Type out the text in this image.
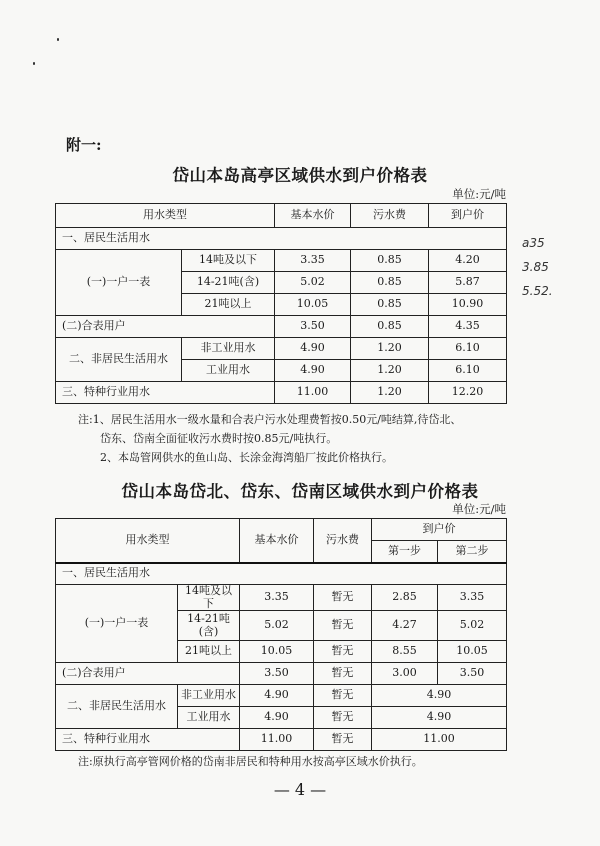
附一:
岱山本岛高亭区域供水到户价格表
单位:元/吨
用水类型		基本水价	污水费	到户价
一、居民生活用水				
(一)一户一表	14吨及以下	3.35	0.85	4.20
	14-21吨(含)	5.02	0.85	5.87
	21吨以上	10.05	0.85	10.90
(二)合表用户		3.50	0.85	4.35
二、非居民生活用水	非工业用水	4.90	1.20	6.10
	工业用水	4.90	1.20	6.10
三、特种行业用水		11.00	1.20	12.20
a35
3.85
5.52.
注:1、居民生活用水一级水量和合表户污水处理费暂按0.50元/吨结算,待岱北、
岱东、岱南全面征收污水费时按0.85元/吨执行。
2、本岛管网供水的鱼山岛、长涂金海湾船厂按此价格执行。
岱山本岛岱北、岱东、岱南区域供水到户价格表
单位:元/吨
用水类型		基本水价	污水费	到户价	
				第一步	第二步
一、居民生活用水					
(一)一户一表	14吨及以下	3.35	暂无	2.85	3.35
	14-21吨(含)	5.02	暂无	4.27	5.02
	21吨以上	10.05	暂无	8.55	10.05
(二)合表用户		3.50	暂无	3.00	3.50
二、非居民生活用水	非工业用水	4.90	暂无	4.90	
	工业用水	4.90	暂无	4.90	
三、特种行业用水		11.00	暂无	11.00	
注:原执行高亭管网价格的岱南非居民和特种用水按高亭区域水价执行。
— 4 —
